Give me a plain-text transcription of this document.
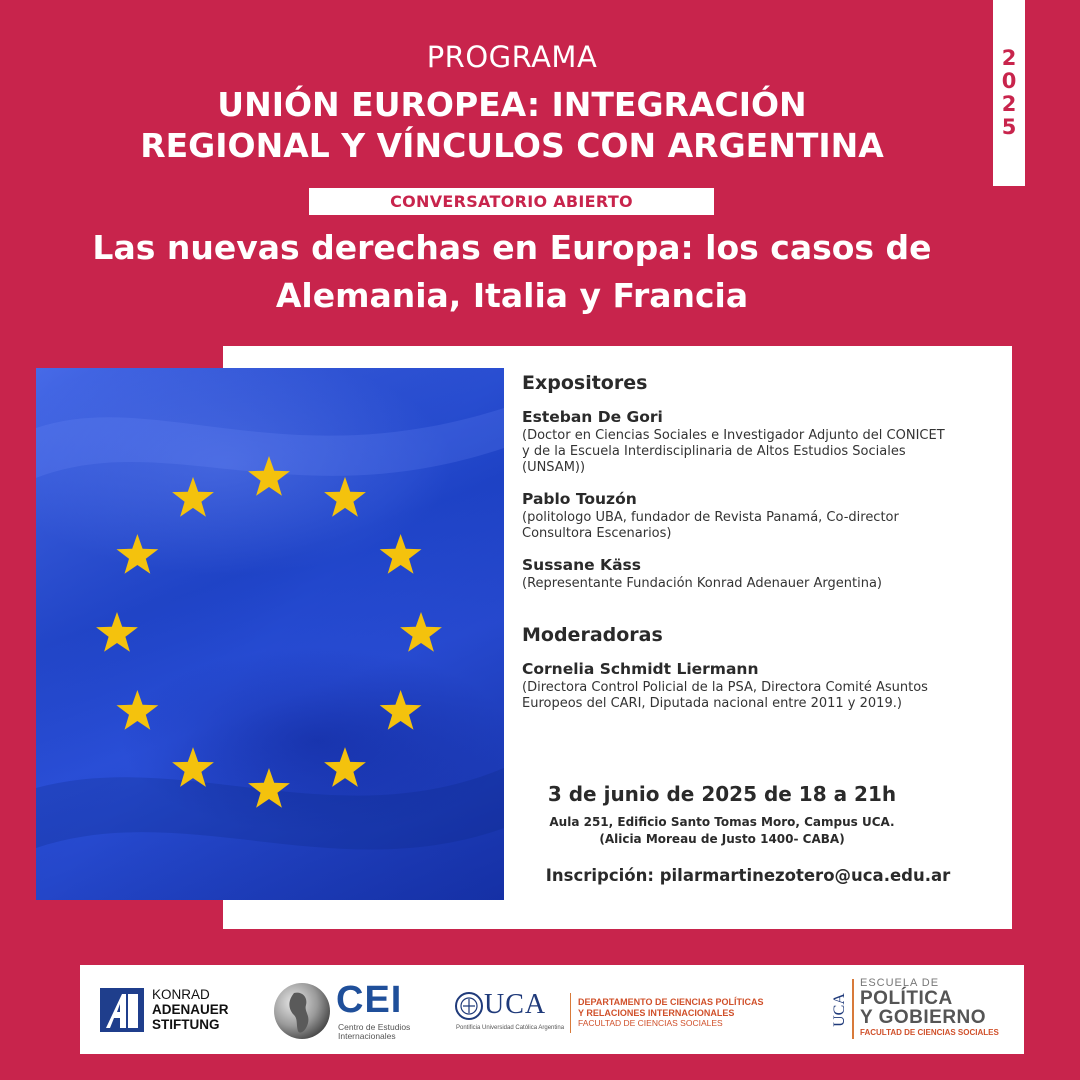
2
0
2
5
PROGRAMA
UNIÓN EUROPEA: INTEGRACIÓN
REGIONAL Y VÍNCULOS CON ARGENTINA
CONVERSATORIO ABIERTO
Las nuevas derechas en Europa: los casos de
Alemania, Italia y Francia
Expositores
Esteban De Gori
(Doctor en Ciencias Sociales e Investigador Adjunto del CONICET
y de la Escuela Interdisciplinaria de Altos Estudios Sociales
(UNSAM))
Pablo Touzón
(politologo UBA, fundador de Revista Panamá, Co-director
Consultora Escenarios)
Sussane Käss
(Representante Fundación Konrad Adenauer Argentina)
Moderadoras
Cornelia Schmidt Liermann
(Directora Control Policial de la PSA, Directora Comité Asuntos
Europeos del CARI, Diputada nacional entre 2011 y 2019.)
3 de junio de 2025 de 18 a 21h
Aula 251, Edificio Santo Tomas Moro, Campus UCA.
(Alicia Moreau de Justo 1400- CABA)
Inscripción: pilarmartinezotero@uca.edu.ar
KONRAD
ADENAUER
STIFTUNG
CEI
Centro de Estudios
Internacionales
UCA
Pontificia Universidad Católica Argentina
DEPARTAMENTO DE CIENCIAS POLÍTICAS
Y RELACIONES INTERNACIONALES
FACULTAD DE CIENCIAS SOCIALES	UCA
ESCUELA DE
POLÍTICA
Y GOBIERNO
FACULTAD DE CIENCIAS SOCIALES
